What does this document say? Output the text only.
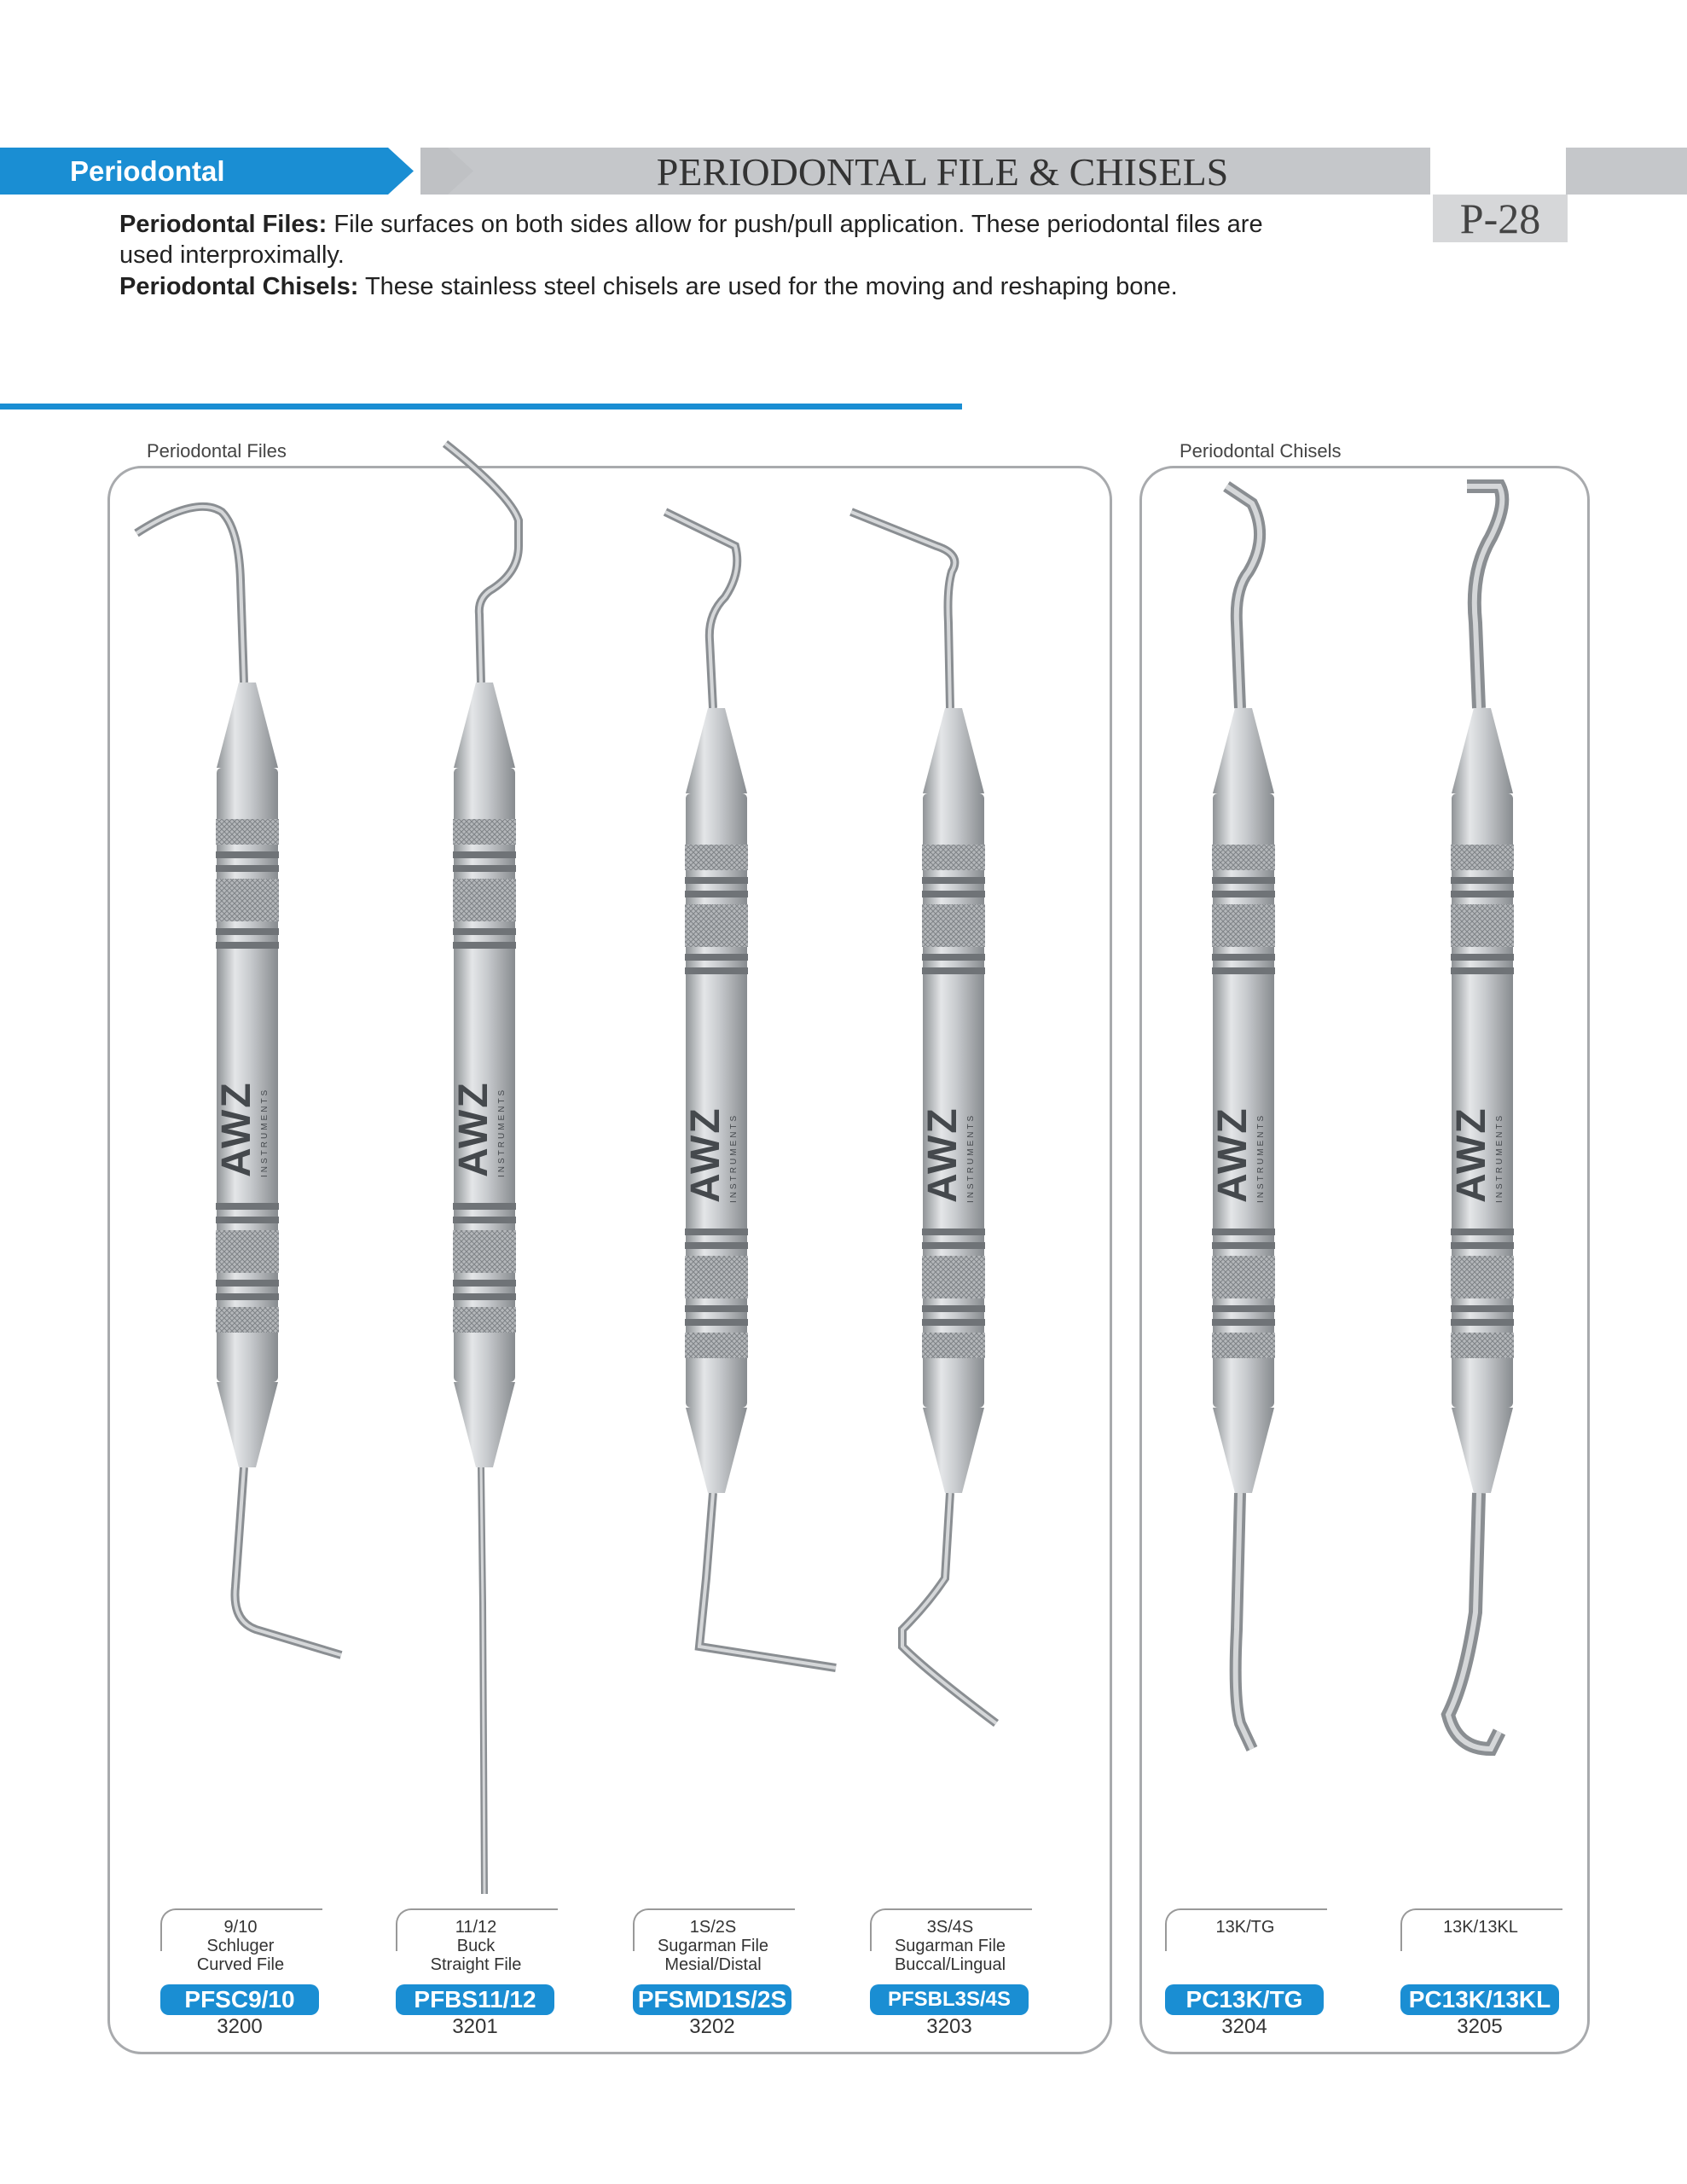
Periodontal	PERIODONTAL FILE & CHISELS
P-28
Periodontal Files: File surfaces on both sides allow for push/pull application. These periodontal files are
used interproximally.
Periodontal Chisels: These stainless steel chisels are used for the moving and reshaping bone.
Periodontal Files	Periodontal Chisels
AWZ INSTRUMENTS	AWZ INSTRUMENTS	AWZ INSTRUMENTS	AWZ INSTRUMENTS	AWZ INSTRUMENTS	AWZ INSTRUMENTS
9/10
Schluger
Curved File
PFSC9/10
3200
11/12
Buck
Straight File
PFBS11/12
3201
1S/2S
Sugarman File
Mesial/Distal
PFSMD1S/2S
3202
3S/4S
Sugarman File
Buccal/Lingual
PFSBL3S/4S
3203
13K/TG
PC13K/TG
3204
13K/13KL
PC13K/13KL
3205
